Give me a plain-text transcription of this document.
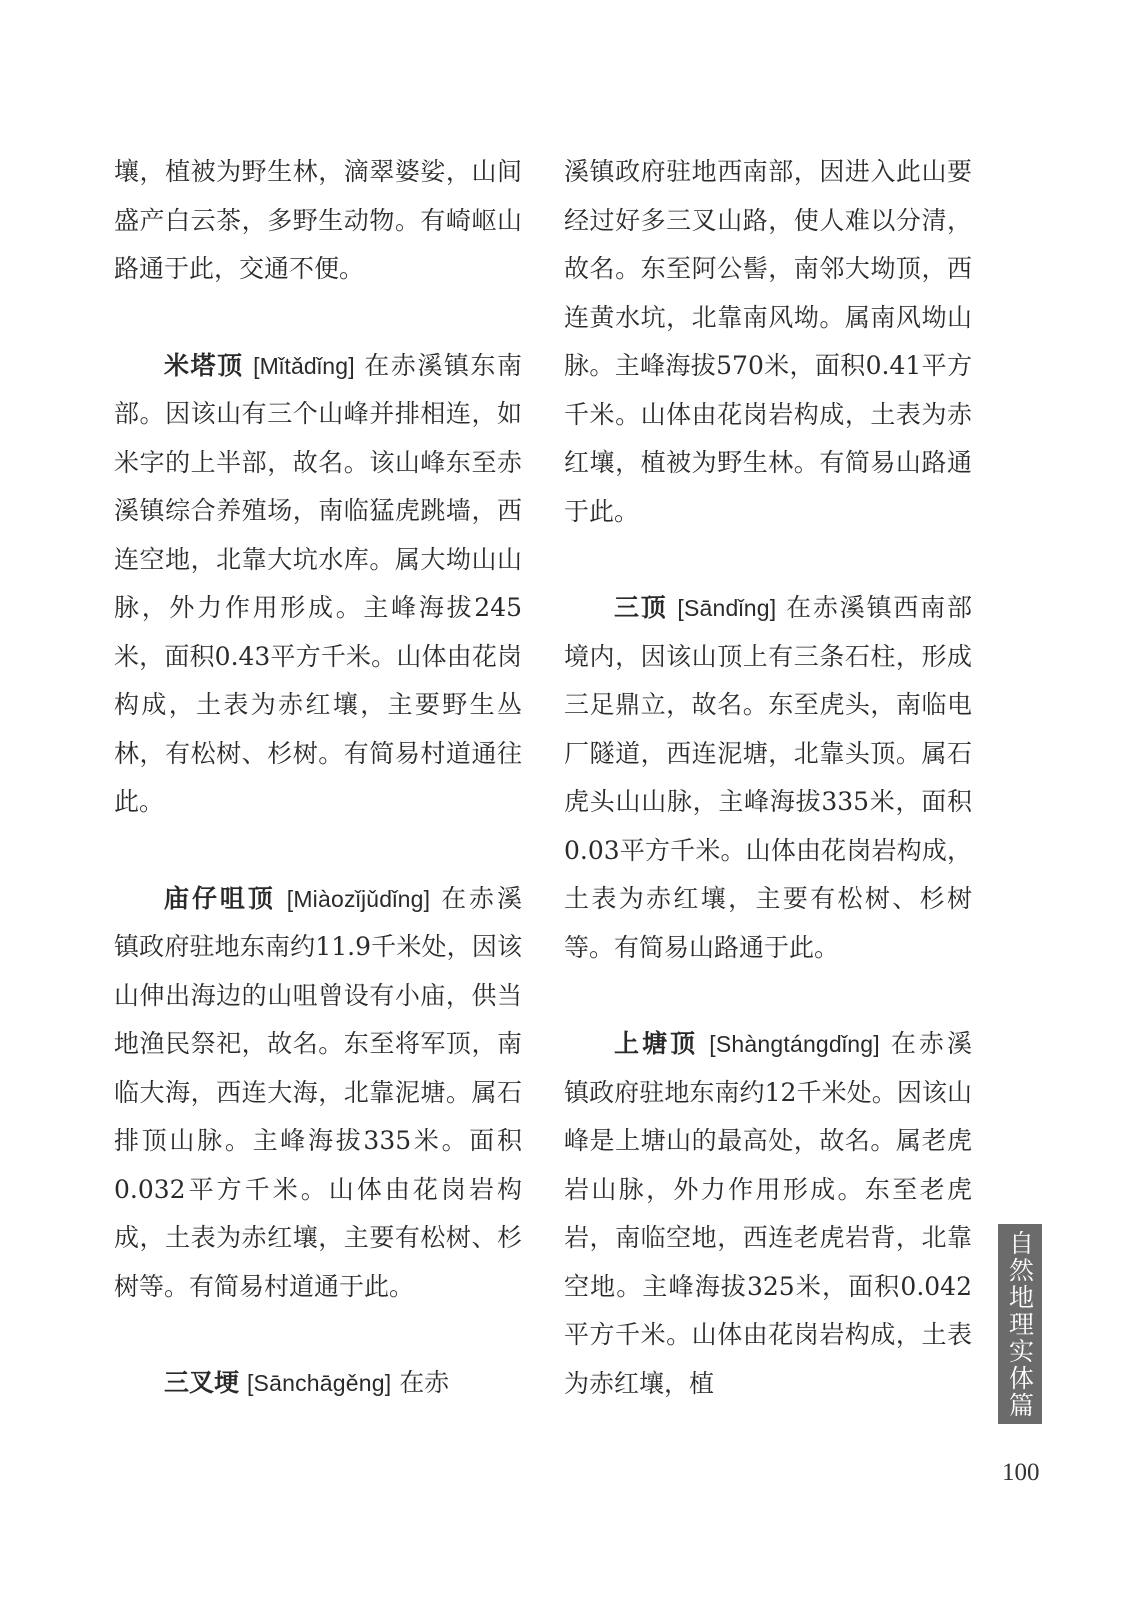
壤，植被为野生林，滴翠婆娑，山间盛产白云茶，多野生动物。有崎岖山路通于此，交通不便。

米塔顶 [Mǐtǎdǐng] 在赤溪镇东南部。因该山有三个山峰并排相连，如米字的上半部，故名。该山峰东至赤溪镇综合养殖场，南临猛虎跳墙，西连空地，北靠大坑水库。属大坳山山脉，外力作用形成。主峰海拔245米，面积0.43平方千米。山体由花岗构成，土表为赤红壤，主要野生丛林，有松树、杉树。有简易村道通往此。

庙仔咀顶 [Miàozǐjǔdǐng] 在赤溪镇政府驻地东南约11.9千米处，因该山伸出海边的山咀曾设有小庙，供当地渔民祭祀，故名。东至将军顶，南临大海，西连大海，北靠泥塘。属石排顶山脉。主峰海拔335米。面积0.032平方千米。山体由花岗岩构成，土表为赤红壤，主要有松树、杉树等。有简易村道通于此。

三叉埂 [Sānchāgěng] 在赤

溪镇政府驻地西南部，因进入此山要经过好多三叉山路，使人难以分清，故名。东至阿公髻，南邻大坳顶，西连黄水坑，北靠南风坳。属南风坳山脉。主峰海拔570米，面积0.41平方千米。山体由花岗岩构成，土表为赤红壤，植被为野生林。有简易山路通于此。

三顶 [Sāndǐng] 在赤溪镇西南部境内，因该山顶上有三条石柱，形成三足鼎立，故名。东至虎头，南临电厂隧道，西连泥塘，北靠头顶。属石虎头山山脉，主峰海拔335米，面积0.03平方千米。山体由花岗岩构成，土表为赤红壤，主要有松树、杉树等。有简易山路通于此。

上塘顶 [Shàngtángdǐng] 在赤溪镇政府驻地东南约12千米处。因该山峰是上塘山的最高处，故名。属老虎岩山脉，外力作用形成。东至老虎岩，南临空地，西连老虎岩背，北靠空地。主峰海拔325米，面积0.042平方千米。山体由花岗岩构成，土表为赤红壤，植	自然地理实体篇
100
